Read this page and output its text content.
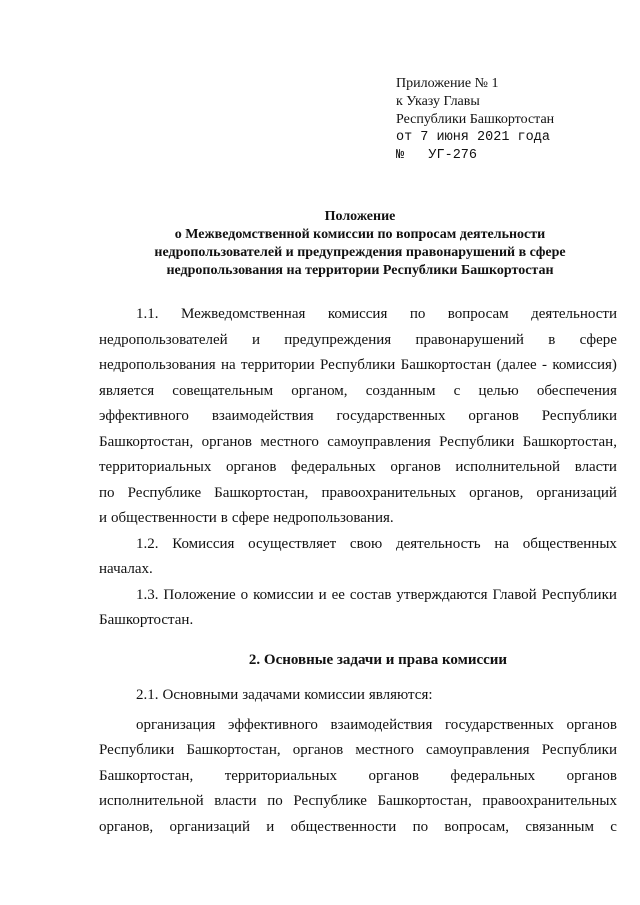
Приложение № 1
к Указу Главы
Республики Башкортостан
от 7 июня 2021 года
№   УГ-276
Положение
о Межведомственной комиссии по вопросам деятельности
недропользователей и предупреждения правонарушений в сфере
недропользования на территории Республики Башкортостан
1.1. Межведомственная комиссия по вопросам деятельности
недропользователей и предупреждения правонарушений в сфере
недропользования на территории Республики Башкортостан (далее - комиссия)
является совещательным органом, созданным с целью обеспечения
эффективного взаимодействия государственных органов Республики
Башкортостан, органов местного самоуправления Республики Башкортостан,
территориальных органов федеральных органов исполнительной власти
по Республике Башкортостан, правоохранительных органов, организаций
и общественности в сфере недропользования.
1.2. Комиссия осуществляет свою деятельность на общественных
началах.
1.3. Положение о комиссии и ее состав утверждаются Главой Республики
Башкортостан.
2. Основные задачи и права комиссии
2.1. Основными задачами комиссии являются:
организация эффективного взаимодействия государственных органов
Республики Башкортостан, органов местного самоуправления Республики
Башкортостан, территориальных органов федеральных органов
исполнительной власти по Республике Башкортостан, правоохранительных
органов, организаций и общественности по вопросам, связанным с
